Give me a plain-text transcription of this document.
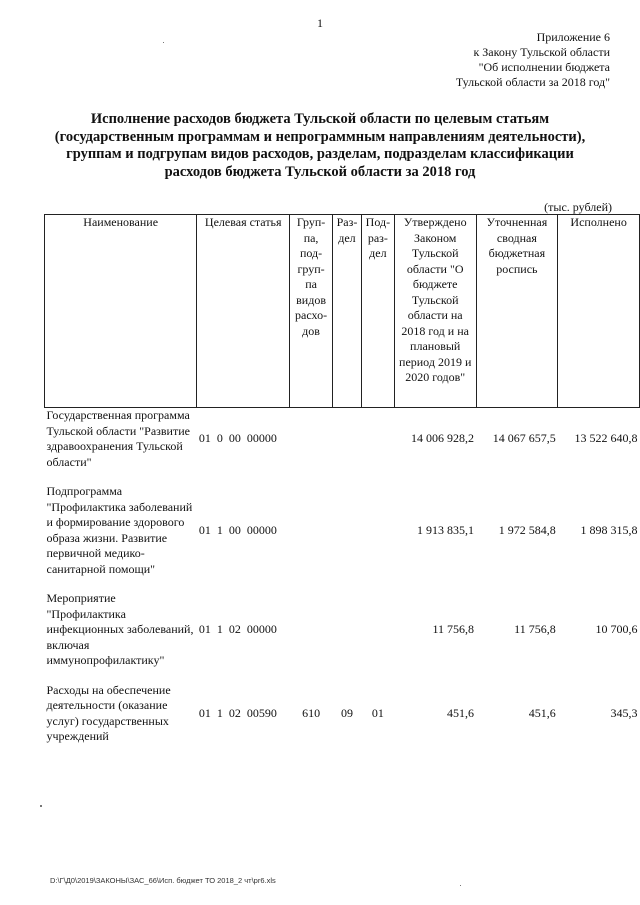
1
Приложение 6
к Закону Тульской области
"Об исполнении бюджета
Тульской области за 2018 год"
Исполнение расходов бюджета Тульской области по целевым статьям
(государственным программам и непрограммным направлениям деятельности),
группам и подгрупам видов расходов, разделам, подразделам классификации
расходов бюджета Тульской области за 2018 год
(тыс. рублей)
Наименование	Целевая статья	Груп-па, под-груп-па видов расхо-дов	Раз-дел	Под-раз-дел	Утверждено Законом Тульской области "О бюджете Тульской области на 2018 год и на плановый период 2019 и 2020 годов"	Уточненная сводная бюджетная роспись	Исполнено
Государственная программа Тульской области "Развитие здравоохранения Тульской области"	01 0 00 00000				14 006 928,2	14 067 657,5	13 522 640,8

Подпрограмма "Профилактика заболеваний и формирование здорового образа жизни. Развитие первичной медико-санитарной помощи"	01 1 00 00000				1 913 835,1	1 972 584,8	1 898 315,8

Мероприятие "Профилактика инфекционных заболеваний, включая иммунопрофилактику"	01 1 02 00000				11 756,8	11 756,8	10 700,6

Расходы на обеспечение деятельности (оказание услуг) государственных учреждений	01 1 02 00590	610	09	01	451,6	451,6	345,3
D:\Г\Д0\2019\ЗАКОНЫ\ЗАС_66\Исп. бюджет ТО 2018_2 чт\pr6.xls
